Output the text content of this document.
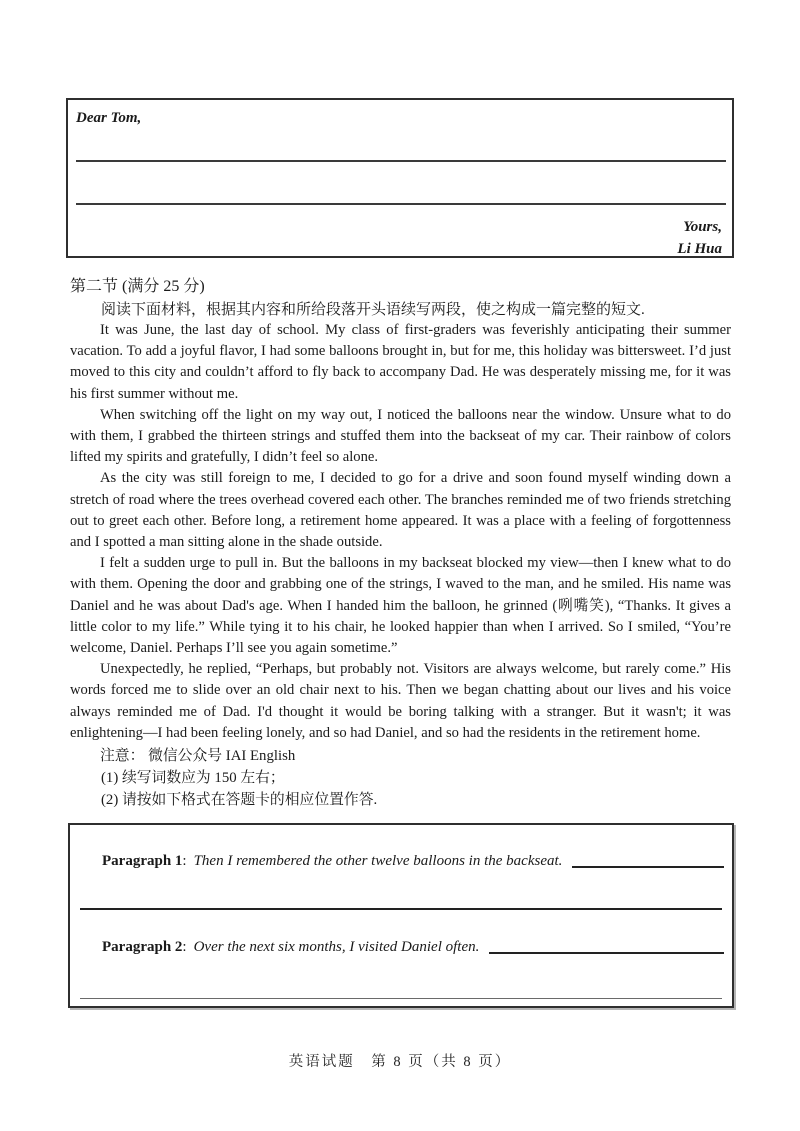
Dear Tom,
Yours,
Li Hua
第二节 (满分 25 分)
阅读下面材料，根据其内容和所给段落开头语续写两段，使之构成一篇完整的短文.

It was June, the last day of school. My class of first-graders was feverishly anticipating their summer vacation. To add a joyful flavor, I had some balloons brought in, but for me, this holiday was bittersweet. I’d just moved to this city and couldn’t afford to fly back to accompany Dad. He was desperately missing me, for it was his first summer without me.

When switching off the light on my way out, I noticed the balloons near the window. Unsure what to do with them, I grabbed the thirteen strings and stuffed them into the backseat of my car. Their rainbow of colors lifted my spirits and gratefully, I didn’t feel so alone.

As the city was still foreign to me, I decided to go for a drive and soon found myself winding down a stretch of road where the trees overhead covered each other. The branches reminded me of two friends stretching out to greet each other. Before long, a retirement home appeared. It was a place with a feeling of forgottenness and I spotted a man sitting alone in the shade outside.

I felt a sudden urge to pull in. But the balloons in my backseat blocked my view—then I knew what to do with them. Opening the door and grabbing one of the strings, I waved to the man, and he smiled. His name was Daniel and he was about Dad's age. When I handed him the balloon, he grinned (咧嘴笑), “Thanks. It gives a little color to my life.” While tying it to his chair, he looked happier than when I arrived. So I smiled, “You’re welcome, Daniel. Perhaps I’ll see you again sometime.”

Unexpectedly, he replied, “Perhaps, but probably not. Visitors are always welcome, but rarely come.” His words forced me to slide over an old chair next to his. Then we began chatting about our lives and his voice always reminded me of Dad. I'd thought it would be boring talking with a stranger. But it wasn't; it was enlightening—I had been feeling lonely, and so had Daniel, and so had the residents in the retirement home.

注意： 微信公众号 IAI English

(1) 续写词数应为 150 左右；

(2) 请按如下格式在答题卡的相应位置作答.

Paragraph 1 : Then I remembered the other twelve balloons in the backseat.
Paragraph 2 : Over the next six months, I visited Daniel often.
英语试题　第 8 页（共 8 页）
